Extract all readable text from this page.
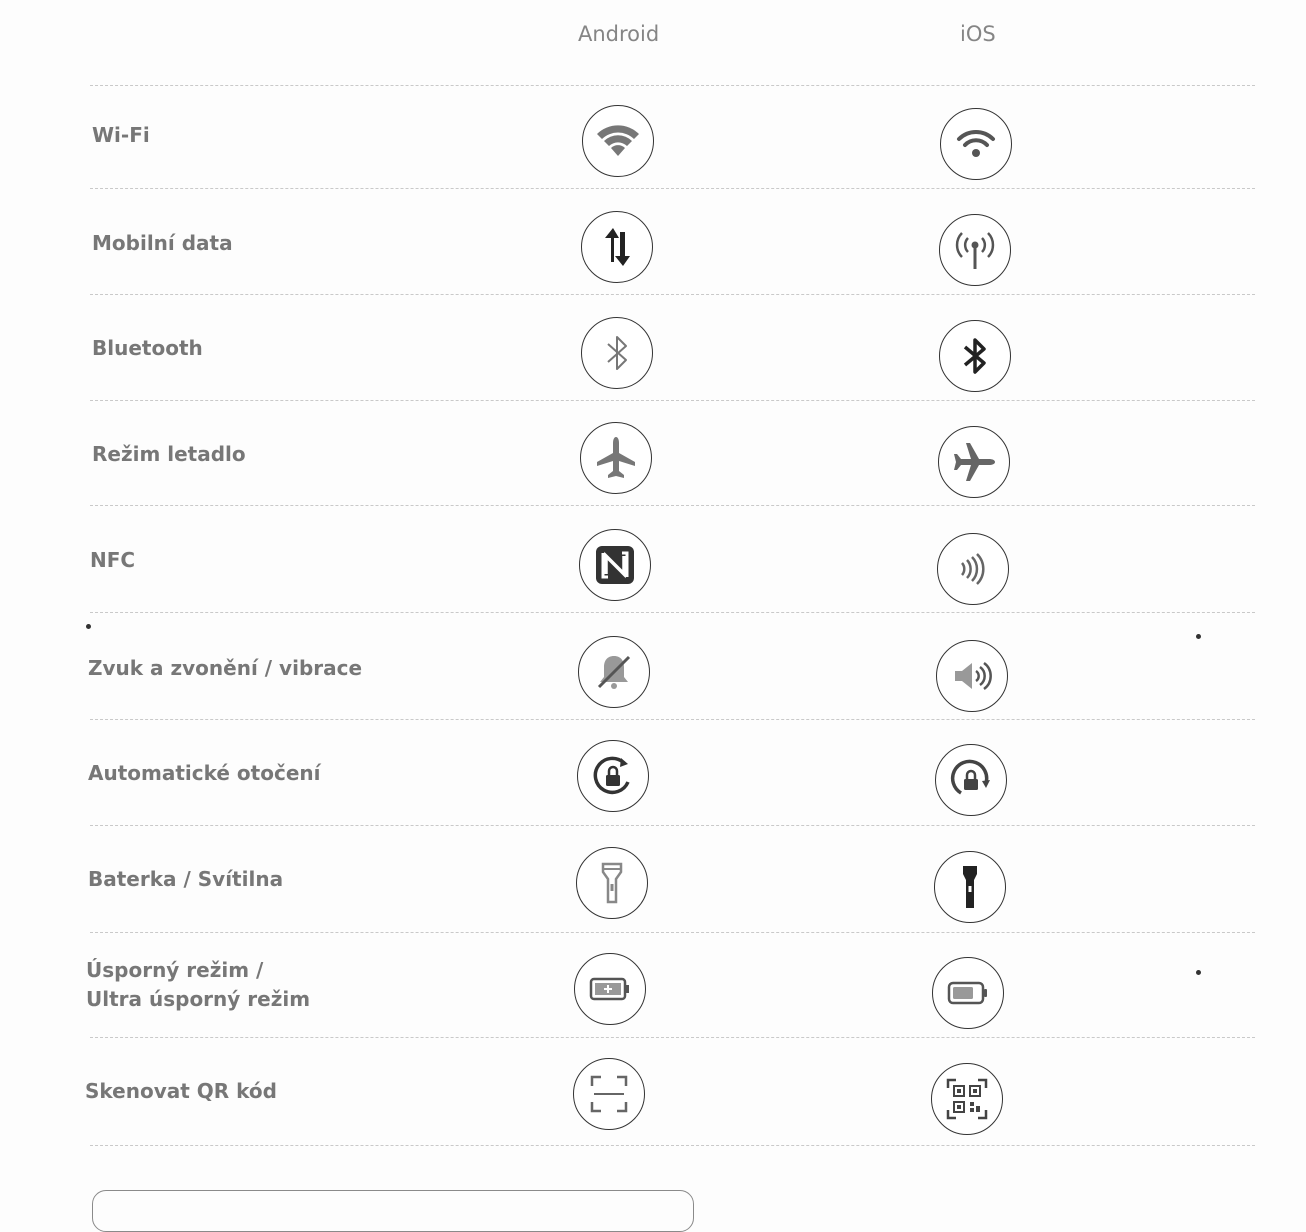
Android	iOS
Wi-Fi
Mobilní data
Bluetooth
Režim letadlo
NFC
Zvuk a zvonění / vibrace
Automatické otočení
Baterka / Svítilna
Úsporný režim /
Ultra úsporný režim
Skenovat QR kód
